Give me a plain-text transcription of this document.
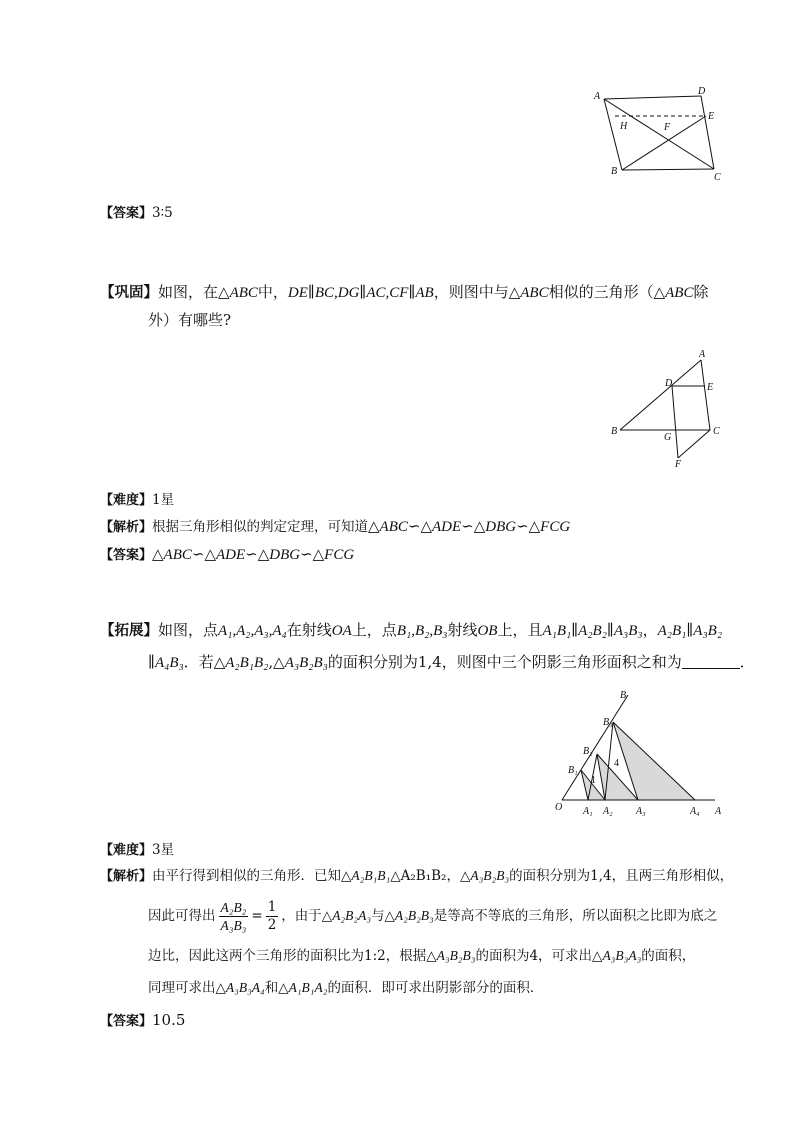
A	D
H	F
E
B
C
【答案】3∶5
【巩固】如图，在△ABC中，DE∥BC,DG∥AC,CF∥AB，则图中与△ABC相似的三角形（△ABC除
外）有哪些?
A
D	E
B
G
C
F
【难度】1星
【解析】根据三角形相似的判定定理，可知道△ABC∽△ADE∽△DBG∽△FCG
【答案】△ABC∽△ADE∽△DBG∽△FCG
【拓展】如图，点A₁,A₂,A₃,A₄在射线OA上，点B₁,B₂,B₃射线OB上，且A₁B₁∥A₂B₂∥A₃B₃，A₂B₁∥A₃B₂
∥A₄B₃．若△A₂B₁B₂,△A₃B₂B₃的面积分别为1,4，则图中三个阴影三角形面积之和为	．
B
B₃
B₂
B₁
4
1
O A₁ A₂ A₃	A₄ A
【难度】3星
【解析】由平行得到相似的三角形．已知△A₂B₁B₁△A₂B₁B₂，△A₃B₂B₃的面积分别为1,4，且两三角形相似，
因此可得出 $\frac{\text{A₂B₂}}{\text{A₃B₃}} = \frac{1}{2}$ ，由于△A₂B₂A₃与△A₂B₂B₃是等高不等底的三角形，所以面积之比即为底之
边比，因此这两个三角形的面积比为1:2，根据△A₃B₂B₃的面积为4，可求出△A₃B₃A₃的面积，
同理可求出△A₃B₃A₄和△A₁B₁A₂的面积．即可求出阴影部分的面积．
【答案】10.5
